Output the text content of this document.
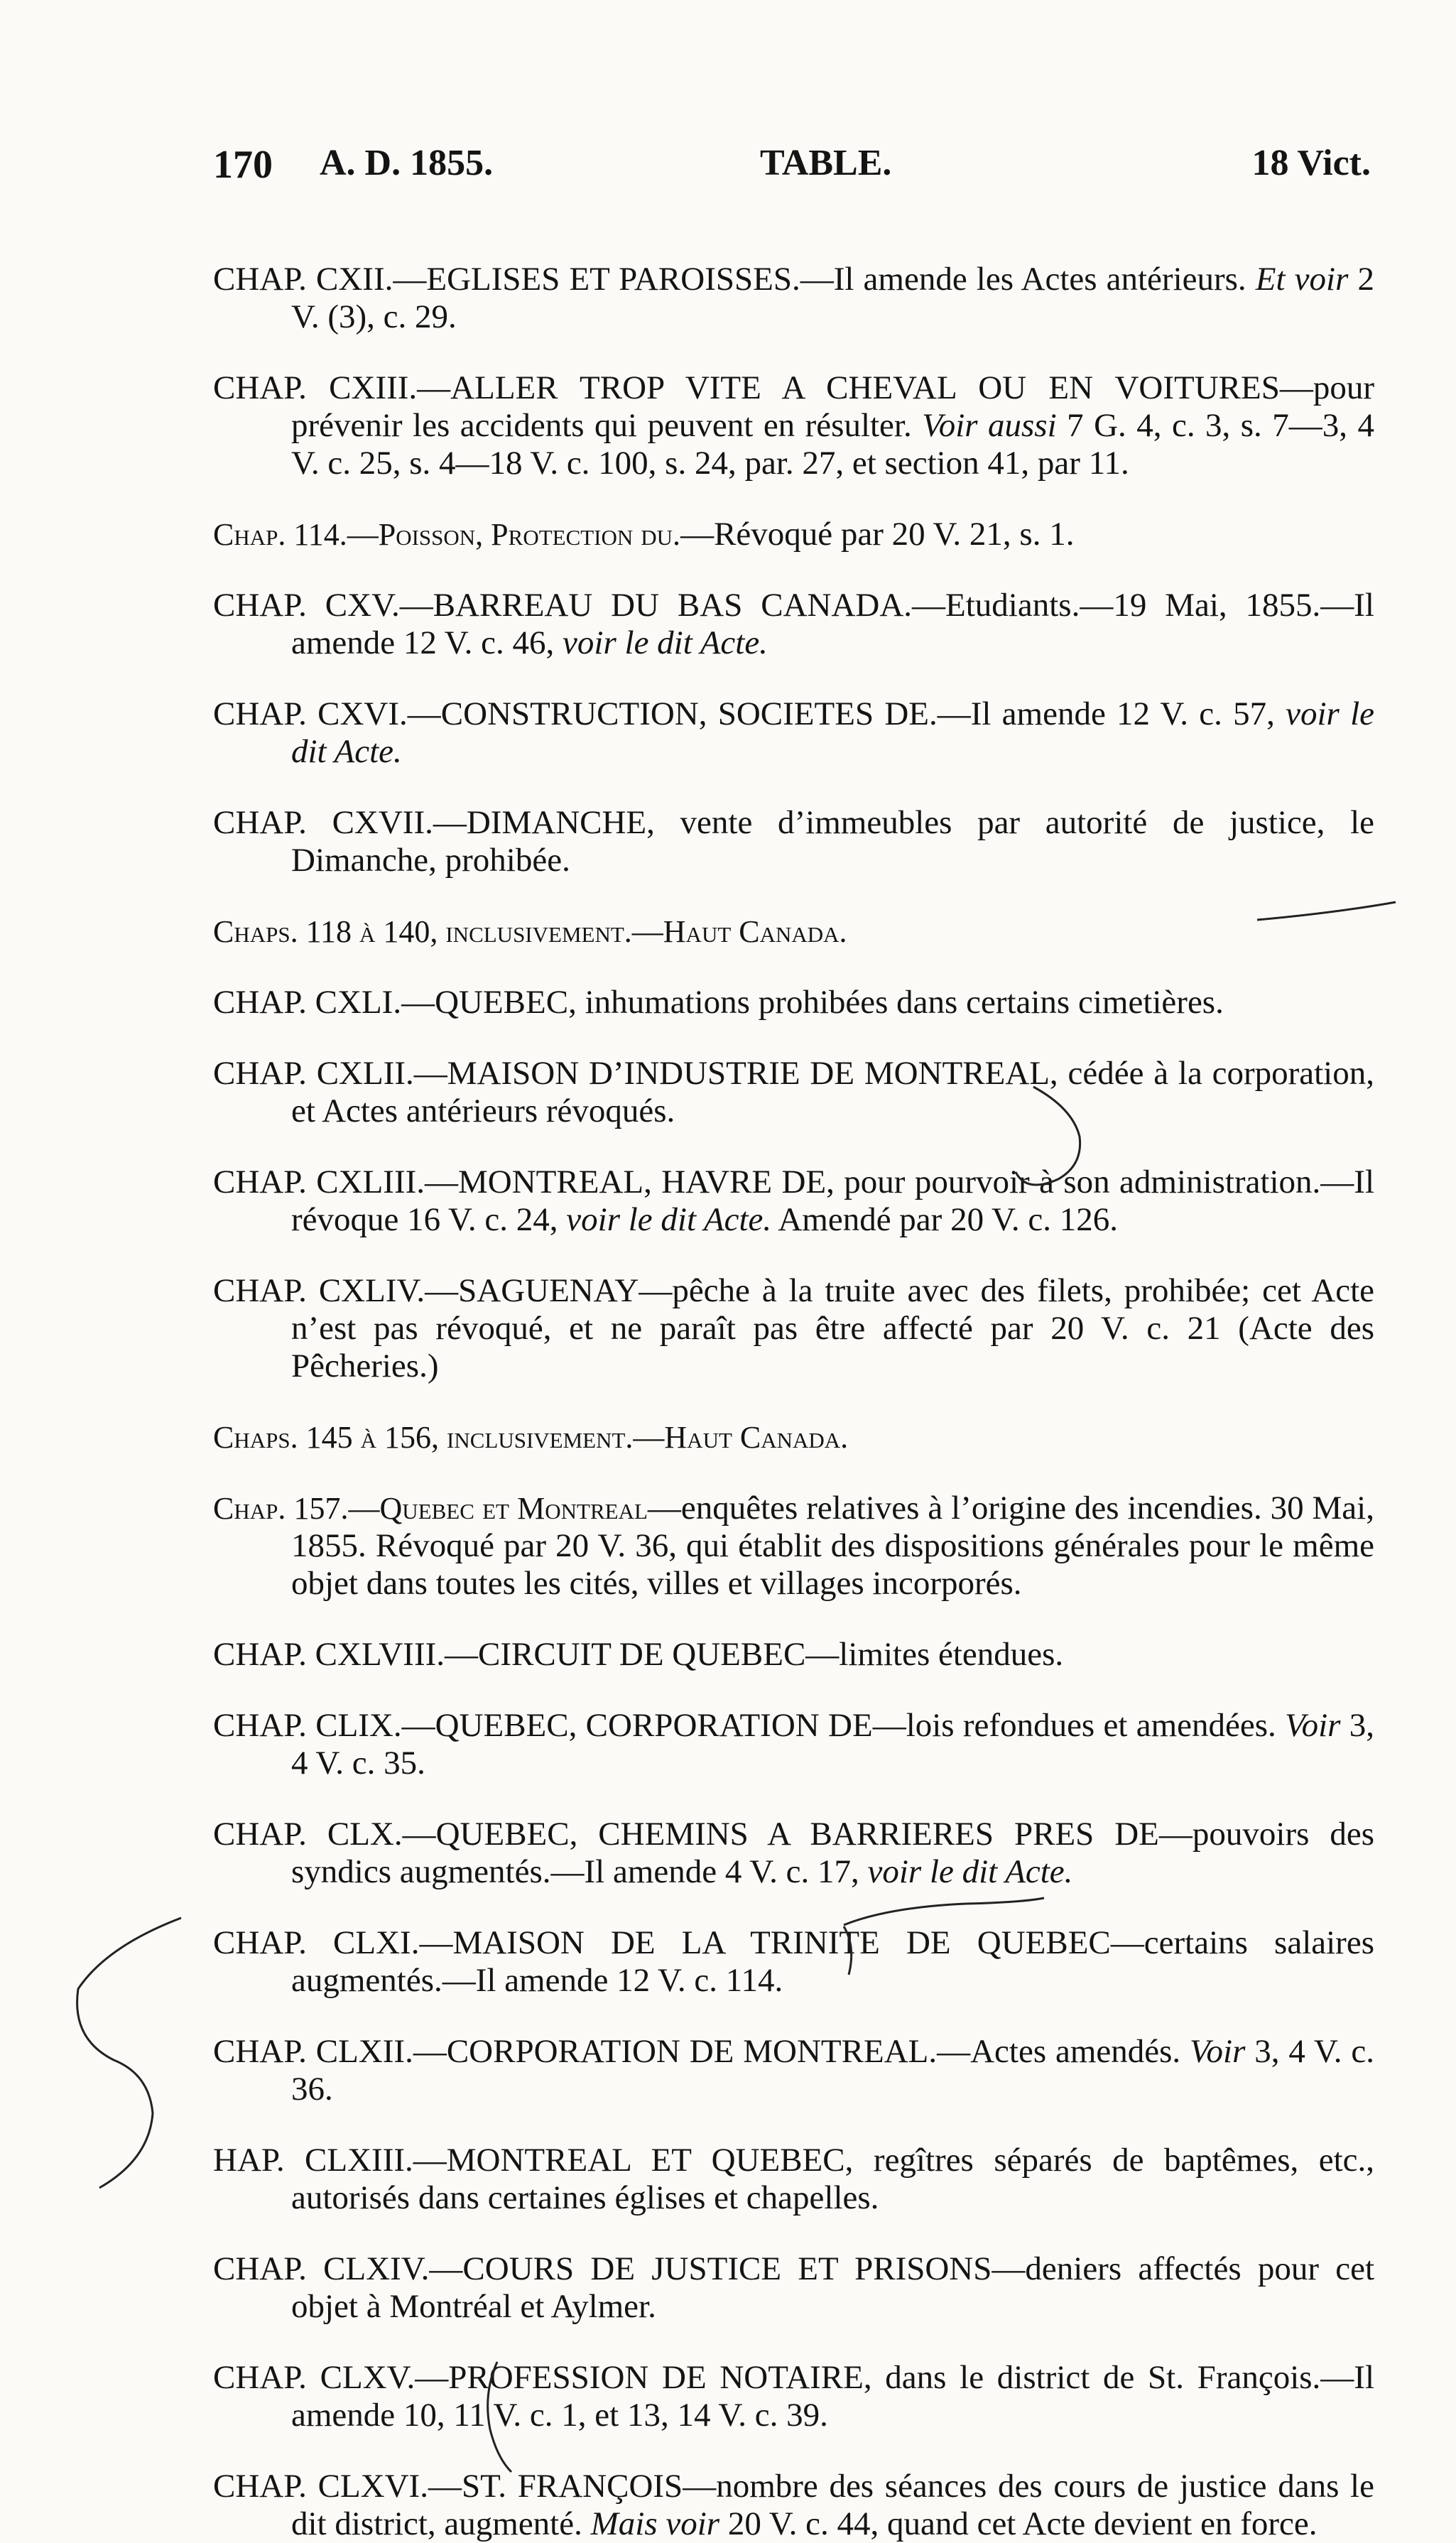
170 A. D. 1855.	TABLE.	18 Vict.

CHAP. CXII.—EGLISES ET PAROISSES.—Il amende les Actes antérieurs. Et voir 2 V. (3), c. 29.

CHAP. CXIII.—ALLER TROP VITE A CHEVAL OU EN VOITURES—pour prévenir les accidents qui peuvent en résulter. Voir aussi 7 G. 4, c. 3, s. 7—3, 4 V. c. 25, s. 4—18 V. c. 100, s. 24, par. 27, et section 41, par 11.

Chap. 114.—Poisson, Protection du.—Révoqué par 20 V. 21, s. 1.

CHAP. CXV.—BARREAU DU BAS CANADA.—Etudiants.—19 Mai, 1855.—Il amende 12 V. c. 46, voir le dit Acte.

CHAP. CXVI.—CONSTRUCTION, SOCIETES DE.—Il amende 12 V. c. 57, voir le dit Acte.

CHAP. CXVII.—DIMANCHE, vente d’immeubles par autorité de justice, le Dimanche, prohibée.

Chaps. 118 à 140, inclusivement.—Haut Canada.

CHAP. CXLI.—QUEBEC, inhumations prohibées dans certains cimetières.

CHAP. CXLII.—MAISON D’INDUSTRIE DE MONTREAL, cédée à la corporation, et Actes antérieurs révoqués.

CHAP. CXLIII.—MONTREAL, HAVRE DE, pour pourvoir à son administration.—Il révoque 16 V. c. 24, voir le dit Acte. Amendé par 20 V. c. 126.

CHAP. CXLIV.—SAGUENAY—pêche à la truite avec des filets, prohibée; cet Acte n’est pas révoqué, et ne paraît pas être affecté par 20 V. c. 21 (Acte des Pêcheries.)

Chaps. 145 à 156, inclusivement.—Haut Canada.

Chap. 157.—Quebec et Montreal—enquêtes relatives à l’origine des incendies. 30 Mai, 1855. Révoqué par 20 V. 36, qui établit des dispositions générales pour le même objet dans toutes les cités, villes et villages incorporés.

CHAP. CXLVIII.—CIRCUIT DE QUEBEC—limites étendues.

CHAP. CLIX.—QUEBEC, CORPORATION DE—lois refondues et amendées. Voir 3, 4 V. c. 35.

CHAP. CLX.—QUEBEC, CHEMINS A BARRIERES PRES DE—pouvoirs des syndics augmentés.—Il amende 4 V. c. 17, voir le dit Acte.

CHAP. CLXI.—MAISON DE LA TRINITE DE QUEBEC—certains salaires augmentés.—Il amende 12 V. c. 114.

CHAP. CLXII.—CORPORATION DE MONTREAL.—Actes amendés. Voir 3, 4 V. c. 36.

HAP. CLXIII.—MONTREAL ET QUEBEC, regîtres séparés de baptêmes, etc., autorisés dans certaines églises et chapelles.

CHAP. CLXIV.—COURS DE JUSTICE ET PRISONS—deniers affectés pour cet objet à Montréal et Aylmer.

CHAP. CLXV.—PROFESSION DE NOTAIRE, dans le district de St. François.—Il amende 10, 11 V. c. 1, et 13, 14 V. c. 39.

CHAP. CLXVI.—ST. FRANÇOIS—nombre des séances des cours de justice dans le dit district, augmenté. Mais voir 20 V. c. 44, quand cet Acte devient en force.
